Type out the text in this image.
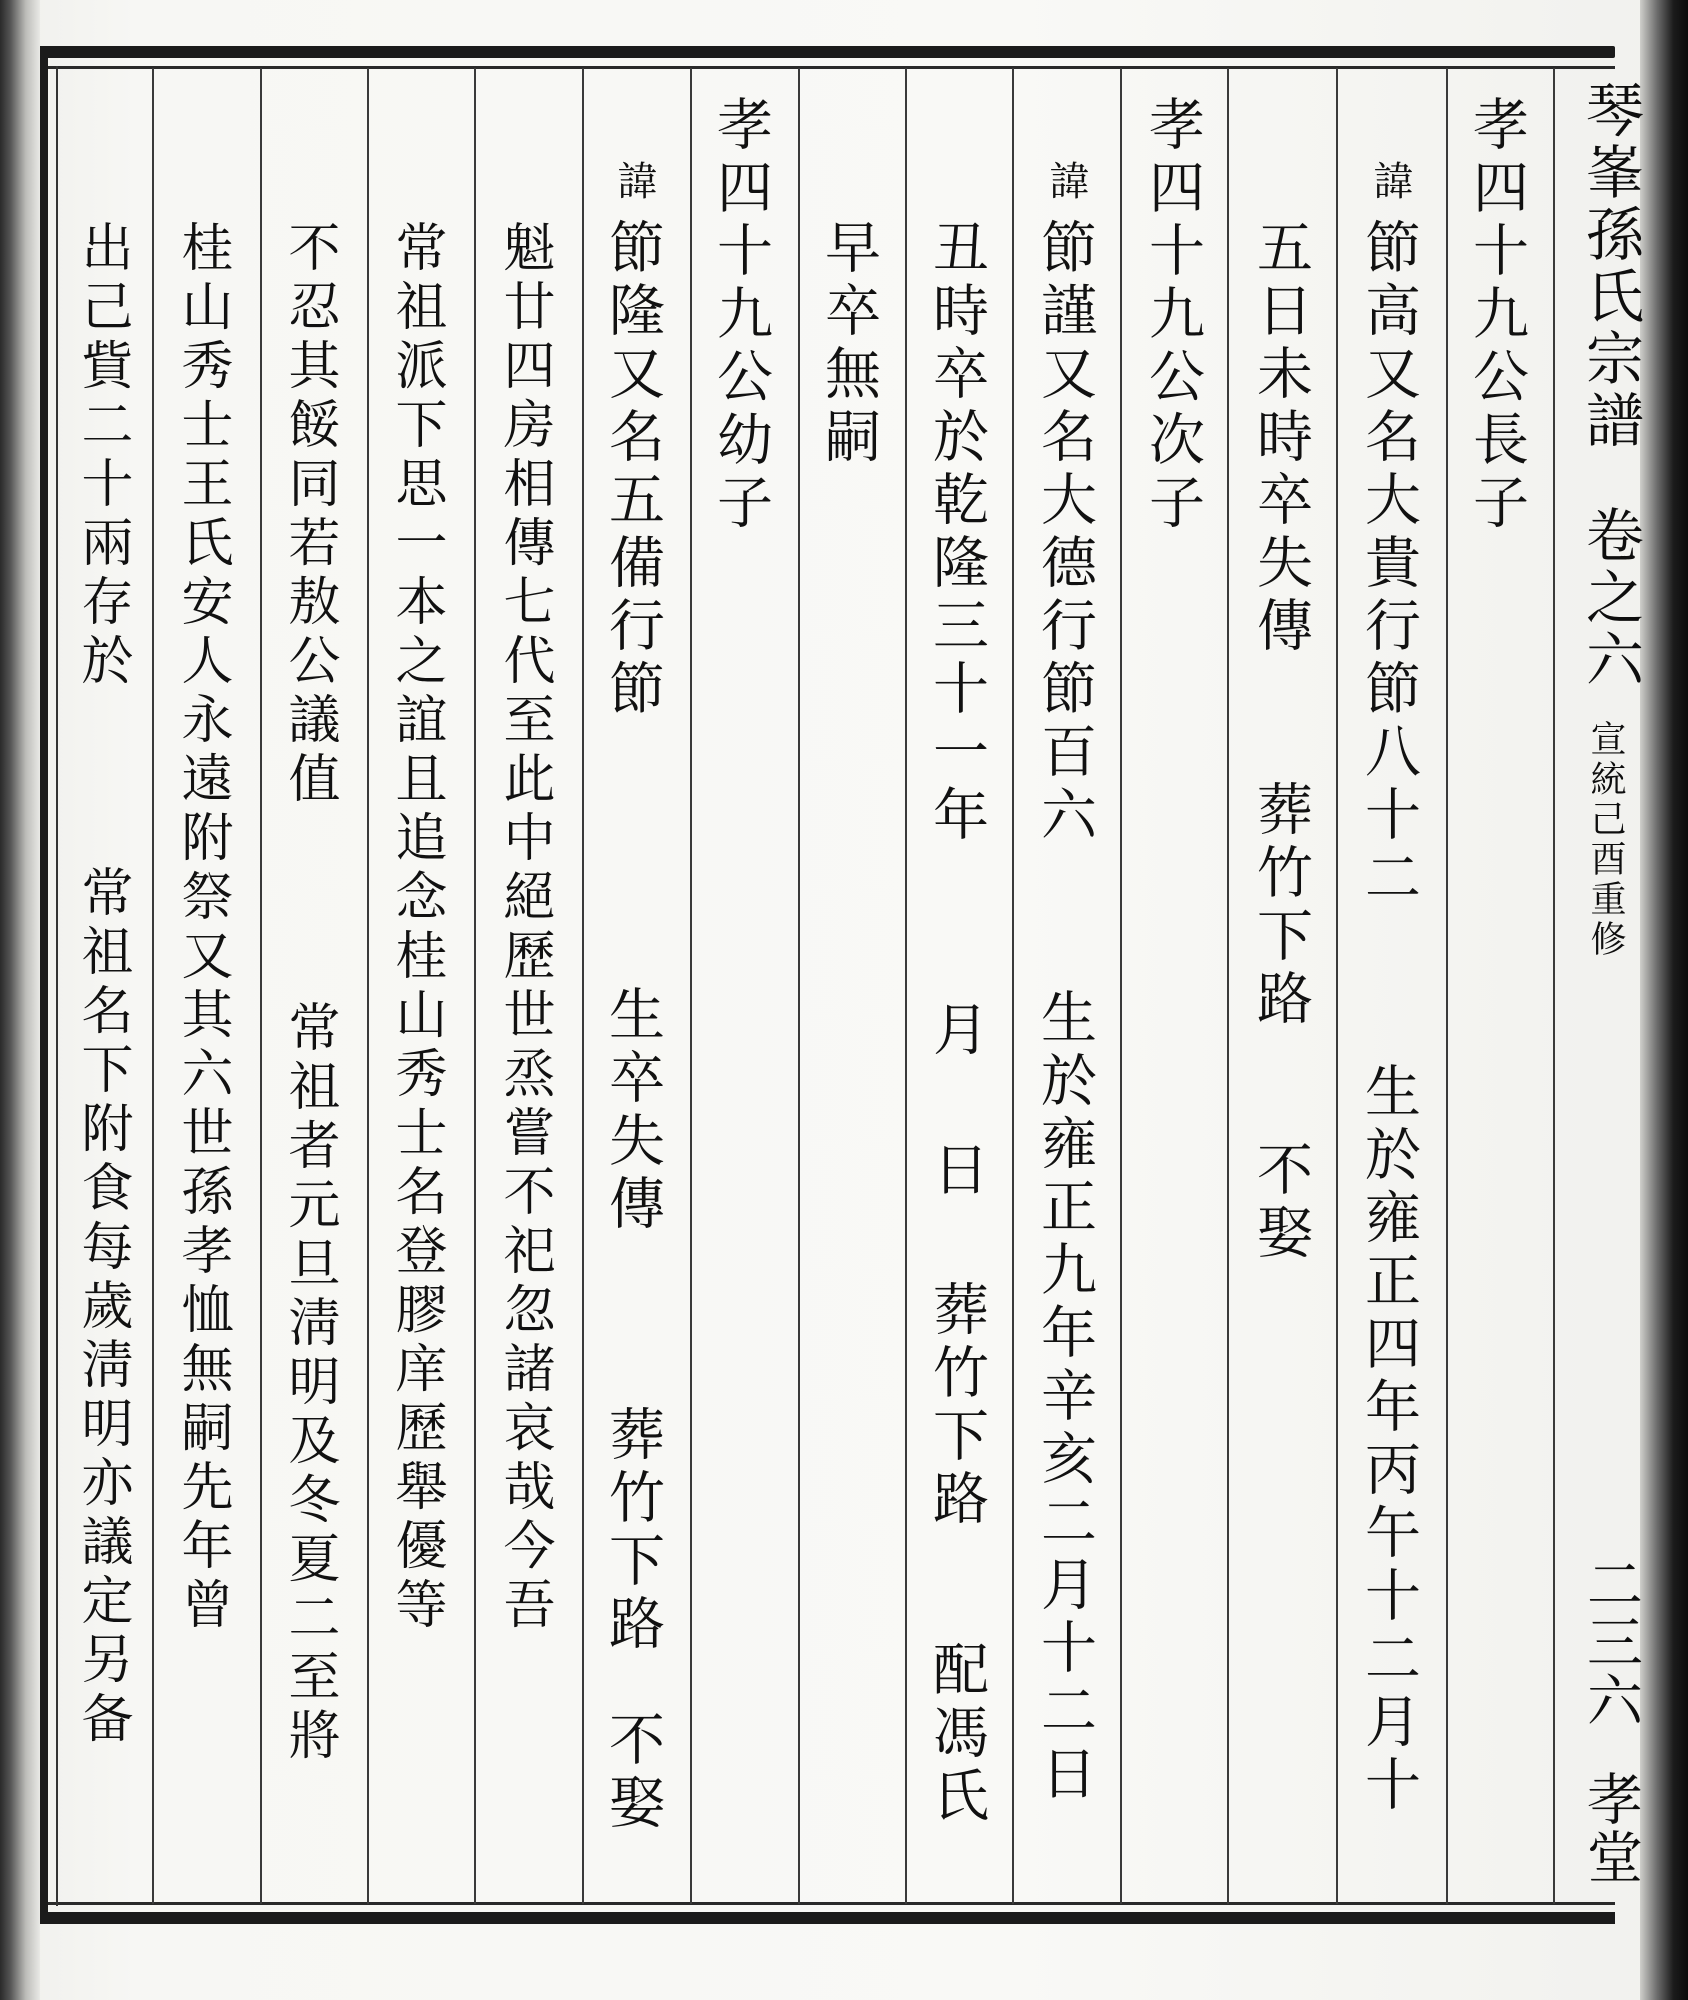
琴峯孫氏宗譜
卷之六
宣統己酉重修
二三六
孝堂
孝四十九公長子
諱
節高又名大貴行節八十二
生於雍正四年丙午十二月十
五日未時卒失傳
葬竹下路
不娶
孝四十九公次子
諱
節謹又名大德行節百六
生於雍正九年辛亥二月十二日
丑時卒於乾隆三十一年
月
日
葬竹下路
配馮氏
早卒無嗣
孝四十九公幼子
諱
節隆又名五備行節
生卒失傳
葬竹下路
不娶
魁廿四房相傳七代至此中絕歷世烝嘗不祀忽諸哀哉今吾
常祖派下思一本之誼且追念桂山秀士名登膠庠歷舉優等
不忍其餒同若敖公議值
常祖者元旦淸明及冬夏二至將
桂山秀士王氏安人永遠附祭又其六世孫孝恤無嗣先年曾
出己貲二十兩存於
常祖名下附食每歲淸明亦議定另备
